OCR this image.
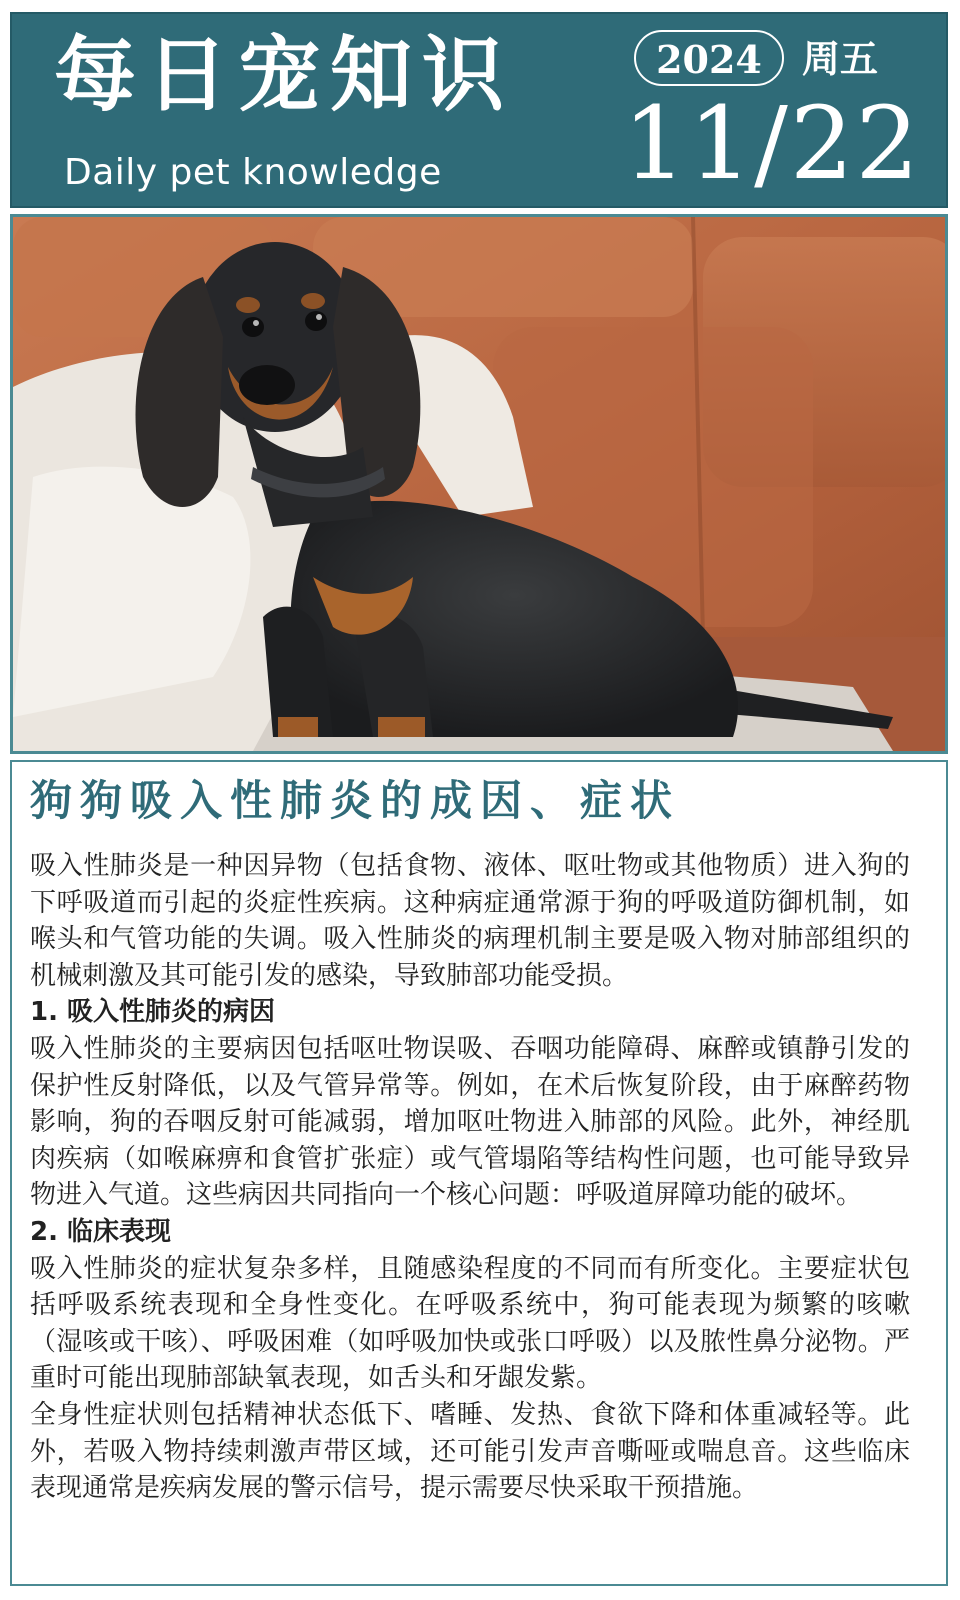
每日宠知识
Daily pet knowledge
2024	周五
11/22
狗狗吸入性肺炎的成因、症状

吸入性肺炎是一种因异物（包括食物、液体、呕吐物或其他物质）进入狗的下呼吸道而引起的炎症性疾病。这种病症通常源于狗的呼吸道防御机制，如喉头和气管功能的失调。吸入性肺炎的病理机制主要是吸入物对肺部组织的机械刺激及其可能引发的感染，导致肺部功能受损。

1. 吸入性肺炎的病因

吸入性肺炎的主要病因包括呕吐物误吸、吞咽功能障碍、麻醉或镇静引发的保护性反射降低，以及气管异常等。例如，在术后恢复阶段，由于麻醉药物影响，狗的吞咽反射可能减弱，增加呕吐物进入肺部的风险。此外，神经肌肉疾病（如喉麻痹和食管扩张症）或气管塌陷等结构性问题，也可能导致异物进入气道。这些病因共同指向一个核心问题：呼吸道屏障功能的破坏。

2. 临床表现

吸入性肺炎的症状复杂多样，且随感染程度的不同而有所变化。主要症状包括呼吸系统表现和全身性变化。在呼吸系统中，狗可能表现为频繁的咳嗽（湿咳或干咳）、呼吸困难（如呼吸加快或张口呼吸）以及脓性鼻分泌物。严重时可能出现肺部缺氧表现，如舌头和牙龈发紫。

全身性症状则包括精神状态低下、嗜睡、发热、食欲下降和体重减轻等。此外，若吸入物持续刺激声带区域，还可能引发声音嘶哑或喘息音。这些临床表现通常是疾病发展的警示信号，提示需要尽快采取干预措施。
